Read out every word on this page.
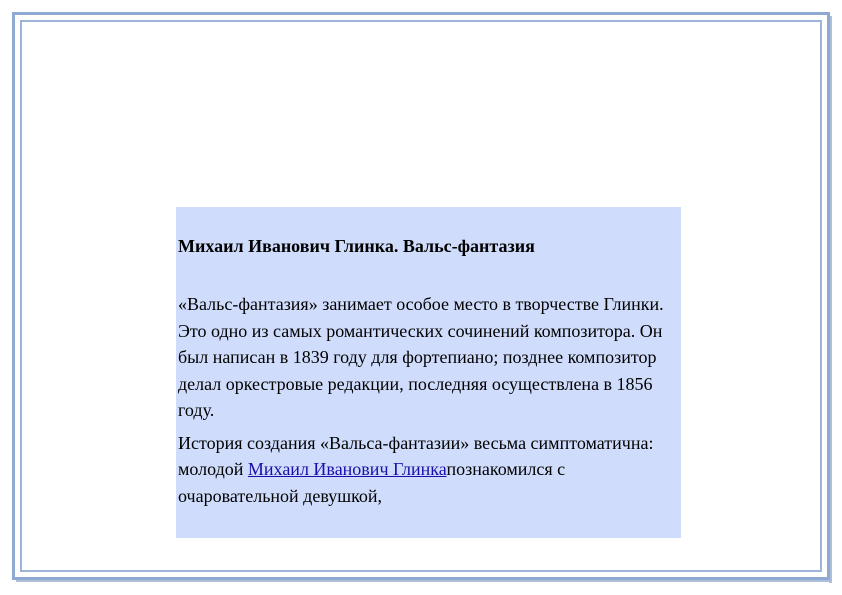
Михаил Иванович Глинка. Вальс-фантазия

«Вальс-фантазия» занимает особое место в творчестве Глинки. Это одно из самых романтических сочинений композитора. Он был написан в 1839 году для фортепиано; позднее композитор делал оркестровые редакции, последняя осуществлена в 1856 году.

История создания «Вальса-фантазии» весьма симптоматична: молодой Михаил Иванович Глинкапознакомился с очаровательной девушкой,
